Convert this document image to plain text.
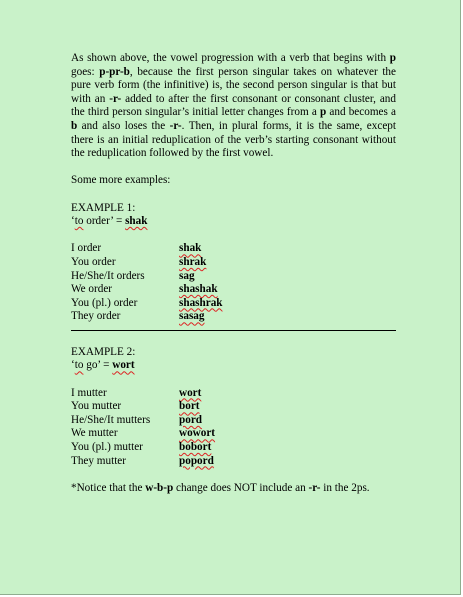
As shown above, the vowel progression with a verb that begins with p goes: p-pr-b, because the first person singular takes on whatever the pure verb form (the infinitive) is, the second person singular is that but with an -r- added to after the first consonant or consonant cluster, and the third person singular’s initial letter changes from a p and becomes a b and also loses the -r-. Then, in plural forms, it is the same, except there is an initial reduplication of the verb’s starting consonant without the reduplication followed by the first vowel.

Some more examples:

EXAMPLE 1:

‘to order’ = shak

I order	shak
You order	shrak
He/She/It orders	sag
We order	shashak
You (pl.) order	shashrak
They order	sasag

EXAMPLE 2:

‘to go’ = wort

I mutter	wort
You mutter	bort
He/She/It mutters	pord
We mutter	wowort
You (pl.) mutter	bobort
They mutter	popord

*Notice that the w-b-p change does NOT include an -r- in the 2ps.
